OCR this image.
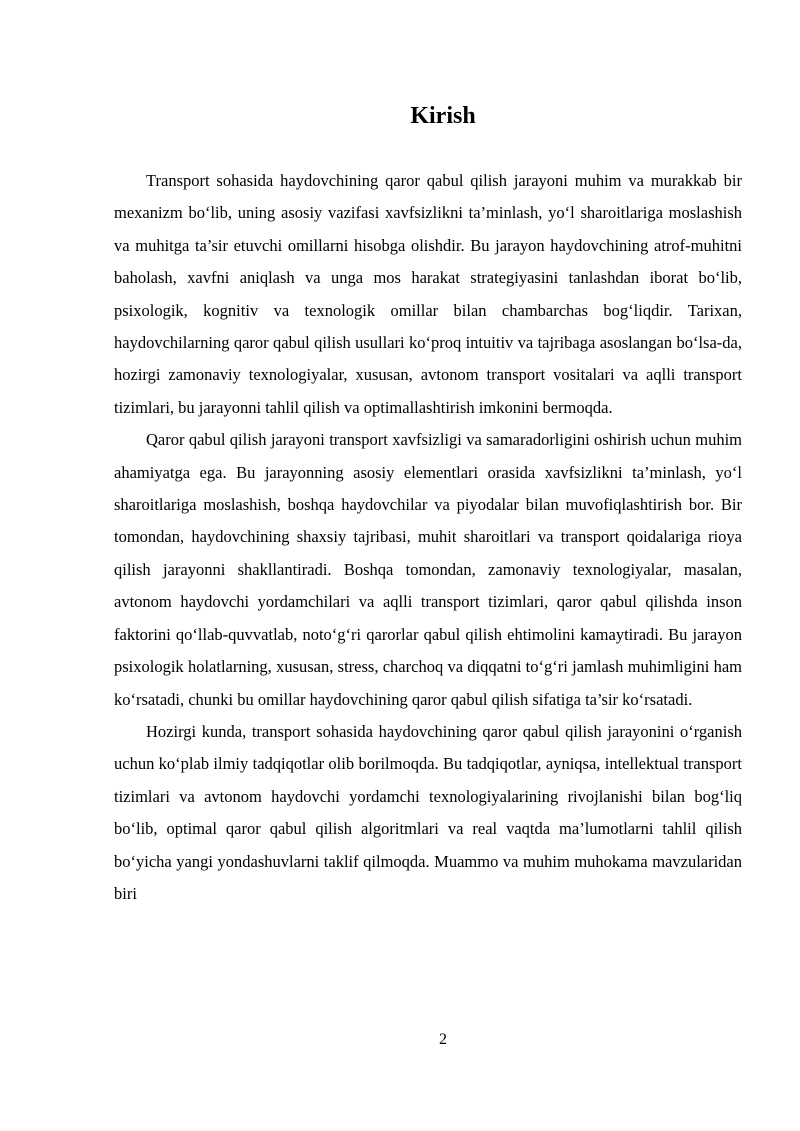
Kirish

Transport sohasida haydovchining qaror qabul qilish jarayoni muhim va murakkab bir mexanizm bo‘lib, uning asosiy vazifasi xavfsizlikni ta’minlash, yo‘l sharoitlariga moslashish va muhitga ta’sir etuvchi omillarni hisobga olishdir. Bu jarayon haydovchining atrof-muhitni baholash, xavfni aniqlash va unga mos harakat strategiyasini tanlashdan iborat bo‘lib, psixologik, kognitiv va texnologik omillar bilan chambarchas bog‘liqdir. Tarixan, haydovchilarning qaror qabul qilish usullari ko‘proq intuitiv va tajribaga asoslangan bo‘lsa-da, hozirgi zamonaviy texnologiyalar, xususan, avtonom transport vositalari va aqlli transport tizimlari, bu jarayonni tahlil qilish va optimallashtirish imkonini bermoqda.

Qaror qabul qilish jarayoni transport xavfsizligi va samaradorligini oshirish uchun muhim ahamiyatga ega. Bu jarayonning asosiy elementlari orasida xavfsizlikni ta’minlash, yo‘l sharoitlariga moslashish, boshqa haydovchilar va piyodalar bilan muvofiqlashtirish bor. Bir tomondan, haydovchining shaxsiy tajribasi, muhit sharoitlari va transport qoidalariga rioya qilish jarayonni shakllantiradi. Boshqa tomondan, zamonaviy texnologiyalar, masalan, avtonom haydovchi yordamchilari va aqlli transport tizimlari, qaror qabul qilishda inson faktorini qo‘llab-quvvatlab, noto‘g‘ri qarorlar qabul qilish ehtimolini kamaytiradi. Bu jarayon psixologik holatlarning, xususan, stress, charchoq va diqqatni to‘g‘ri jamlash muhimligini ham ko‘rsatadi, chunki bu omillar haydovchining qaror qabul qilish sifatiga ta’sir ko‘rsatadi.

Hozirgi kunda, transport sohasida haydovchining qaror qabul qilish jarayonini o‘rganish uchun ko‘plab ilmiy tadqiqotlar olib borilmoqda. Bu tadqiqotlar, ayniqsa, intellektual transport tizimlari va avtonom haydovchi yordamchi texnologiyalarining rivojlanishi bilan bog‘liq bo‘lib, optimal qaror qabul qilish algoritmlari va real vaqtda ma’lumotlarni tahlil qilish bo‘yicha yangi yondashuvlarni taklif qilmoqda. Muammo va muhim muhokama mavzularidan biri

2
